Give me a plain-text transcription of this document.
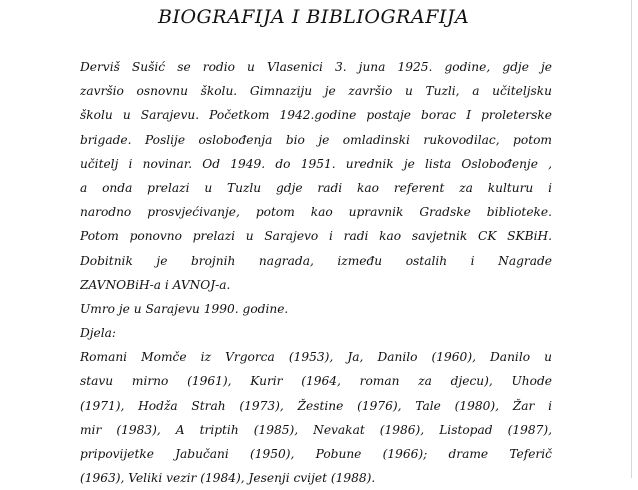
BIOGRAFIJA I BIBLIOGRAFIJA
Derviš Sušić se rodio u Vlasenici 3. juna 1925. godine, gdje je
završio osnovnu školu. Gimnaziju je završio u Tuzli, a učiteljsku
školu u Sarajevu. Početkom 1942.godine postaje borac I proleterske
brigade. Poslije oslobođenja bio je omladinski rukovodilac, potom
učitelj i novinar. Od 1949. do 1951. urednik je lista Oslobođenje ,
a onda prelazi u Tuzlu gdje radi kao referent za kulturu i
narodno prosvjećivanje, potom kao upravnik Gradske biblioteke.
Potom ponovno prelazi u Sarajevo i radi kao savjetnik CK SKBiH.
Dobitnik je brojnih nagrada, između ostalih i Nagrade
ZAVNOBiH-a i AVNOJ-a.
Umro je u Sarajevu 1990. godine.
Djela:
Romani Momče iz Vrgorca (1953), Ja, Danilo (1960), Danilo u
stavu mirno (1961), Kurir (1964, roman za djecu), Uhode
(1971), Hodža Strah (1973), Žestine (1976), Tale (1980), Žar i
mir (1983), A triptih (1985), Nevakat (1986), Listopad (1987),
pripovijetke Jabučani (1950), Pobune (1966); drame Teferič
(1963), Veliki vezir (1984), Jesenji cvijet (1988).
